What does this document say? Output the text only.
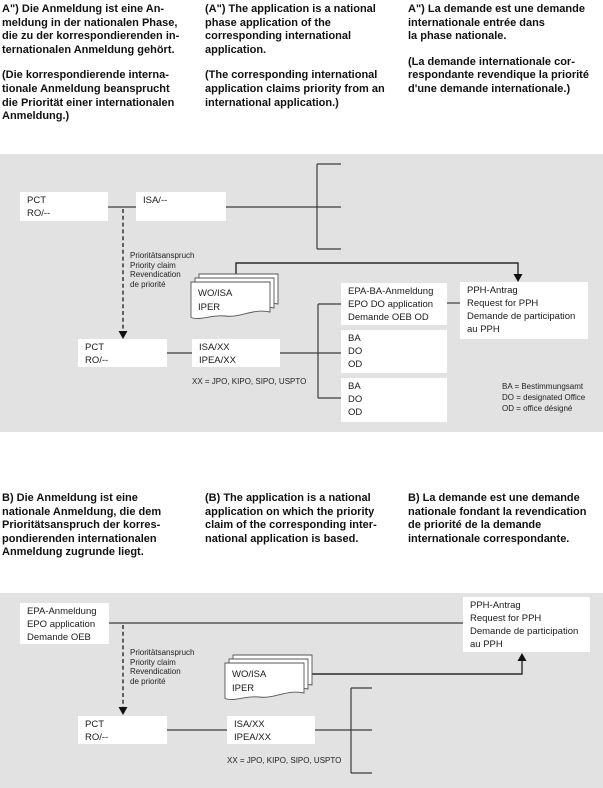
A") Die Anmeldung ist eine An-
meldung in der nationalen Phase,
die zu der korrespondierenden in-
ternationalen Anmeldung gehört.

(Die korrespondierende interna-
tionale Anmeldung beansprucht
die Priorität einer internationalen
Anmeldung.)

(A") The application is a national
phase application of the
corresponding international
application.

(The corresponding international
application claims priority from an
international application.)

A") La demande est une demande
internationale entrée dans
la phase nationale.

(La demande internationale cor-
respondante revendique la priorité
d'une demande internationale.)

B) Die Anmeldung ist eine
nationale Anmeldung, die dem
Prioritätsanspruch der korres-
pondierenden internationalen
Anmeldung zugrunde liegt.

(B) The application is a national
application on which the priority
claim of the corresponding inter-
national application is based.

B) La demande est une demande
nationale fondant la revendication
de priorité de la demande
internationale correspondante.

PCT
RO/--
ISA/--
Prioritätsanspruch
Priority claim
Revendication
de priorité
WO/ISA
IPER
PCT
RO/--
ISA/XX
IPEA/XX
XX = JPO, KIPO, SIPO, USPTO
EPA-BA-Anmeldung
EPO DO application
Demande OEB OD
PPH-Antrag
Request for PPH
Demande de participation
au PPH
BA
DO
OD
BA
DO
OD
BA = Bestimmungsamt
DO = designated Office
OD = office désigné
EPA-Anmeldung
EPO application
Demande OEB
Prioritätsanspruch
Priority claim
Revendication
de priorité
WO/ISA
IPER
PCT
RO/--
ISA/XX
IPEA/XX
XX = JPO, KIPO, SIPO, USPTO
PPH-Antrag
Request for PPH
Demande de participation
au PPH
